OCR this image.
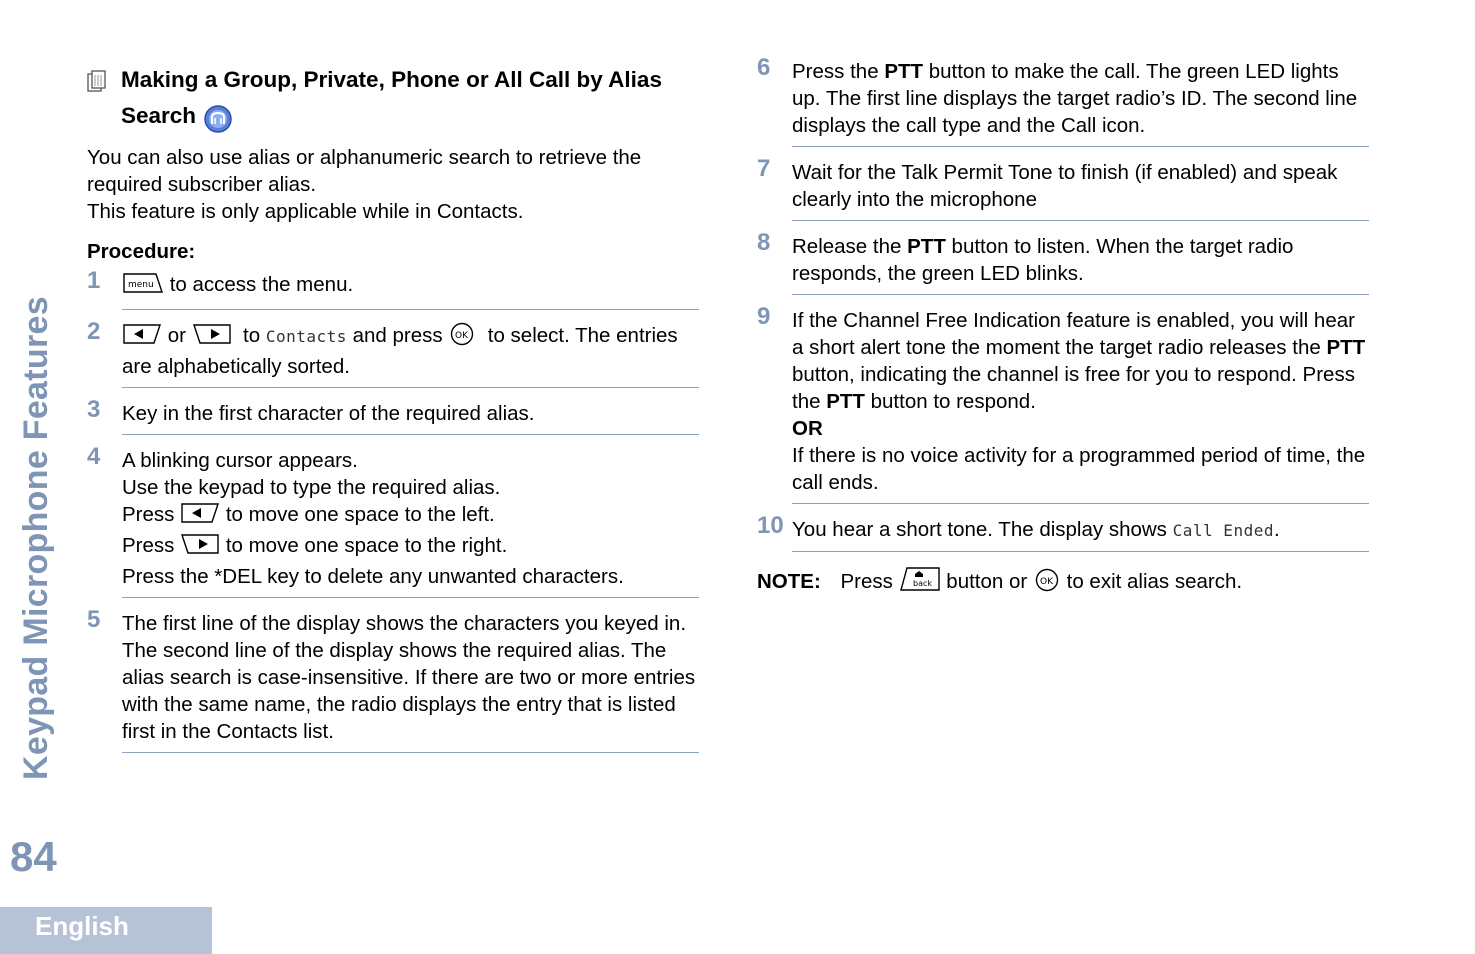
Keypad Microphone Features
84
English
Making a Group, Private, Phone or All Call by Alias
Search

You can also use alias or alphanumeric search to retrieve the required subscriber alias.

This feature is only applicable while in Contacts.

Procedure:
1	menu to access the menu.
2	or	to Contacts and press OK to select. The entries are alphabetically sorted.
3 Key in the first character of the required alias.
4 A blinking cursor appears.
Use the keypad to type the required alias.
Press	to move one space to the left.
Press	to move one space to the right.
Press the *DEL key to delete any unwanted characters.
5 The first line of the display shows the characters you keyed in. The second line of the display shows the required alias. The alias search is case-insensitive. If there are two or more entries with the same name, the radio displays the entry that is listed first in the Contacts list.
6 Press the PTT button to make the call. The green LED lights up. The first line displays the target radio’s ID. The second line displays the call type and the Call icon.
7 Wait for the Talk Permit Tone to finish (if enabled) and speak clearly into the microphone
8 Release the PTT button to listen. When the target radio responds, the green LED blinks.
9 If the Channel Free Indication feature is enabled, you will hear a short alert tone the moment the target radio releases the PTT button, indicating the channel is free for you to respond. Press the PTT button to respond.
OR
If there is no voice activity for a programmed period of time, the call ends.
10 You hear a short tone. The display shows Call Ended.
NOTE: Press back button or OK to exit alias search.
